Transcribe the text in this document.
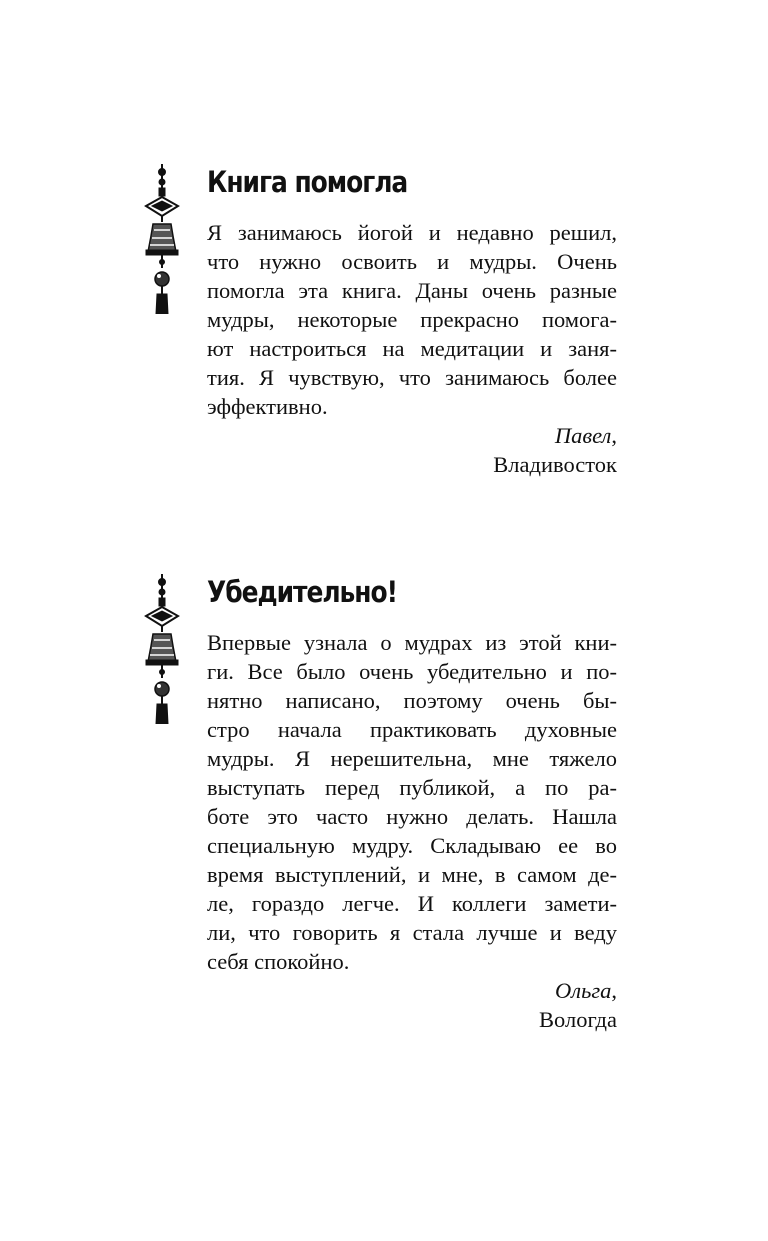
Книга помогла
Я занимаюсь йогой и недавно решил,
что нужно освоить и мудры. Очень
помогла эта книга. Даны очень разные
мудры, некоторые прекрасно помога-
ют настроиться на медитации и заня-
тия. Я чувствую, что занимаюсь более
эффективно.
Павел,
Владивосток
Убедительно!
Впервые узнала о мудрах из этой кни-
ги. Все было очень убедительно и по-
нятно написано, поэтому очень бы-
стро начала практиковать духовные
мудры. Я нерешительна, мне тяжело
выступать перед публикой, а по ра-
боте это часто нужно делать. Нашла
специальную мудру. Складываю ее во
время выступлений, и мне, в самом де-
ле, гораздо легче. И коллеги замети-
ли, что говорить я стала лучше и веду
себя спокойно.
Ольга,
Вологда
